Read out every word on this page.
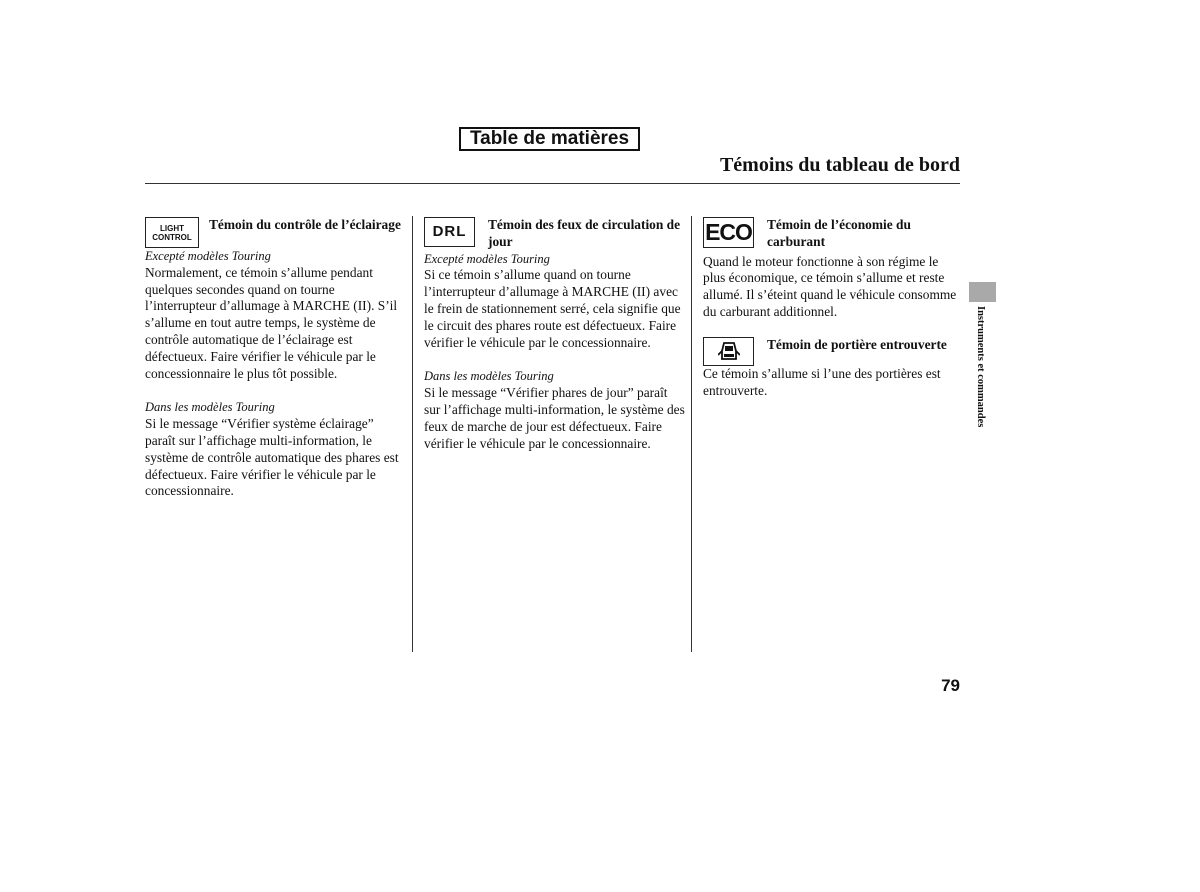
Table de matières
Témoins du tableau de bord
LIGHT
CONTROL
Témoin du contrôle de l’éclairage
Excepté modèles Touring

Normalement, ce témoin s’allume pendant quelques secondes quand on tourne l’interrupteur d’allumage à MARCHE (II). S’il s’allume en tout autre temps, le système de contrôle automatique de l’éclairage est défectueux. Faire vérifier le véhicule par le concessionnaire le plus tôt possible.

Dans les modèles Touring

Si le message “Vérifier système éclairage” paraît sur l’affichage multi-information, le système de contrôle automatique des phares est défectueux. Faire vérifier le véhicule par le concessionnaire.

DRL Témoin des feux de circulation de jour
Excepté modèles Touring

Si ce témoin s’allume quand on tourne l’interrupteur d’allumage à MARCHE (II) avec le frein de stationnement serré, cela signifie que le circuit des phares route est défectueux. Faire vérifier le véhicule par le concessionnaire.

Dans les modèles Touring

Si le message “Vérifier phares de jour” paraît sur l’affichage multi-information, le système des feux de marche de jour est défectueux. Faire vérifier le véhicule par le concessionnaire.

ECO Témoin de l’économie du carburant

Quand le moteur fonctionne à son régime le plus économique, ce témoin s’allume et reste allumé. Il s’éteint quand le véhicule consomme du carburant additionnel.

Témoin de portière entrouverte

Ce témoin s’allume si l’une des portières est entrouverte.	Instruments et commandes
79
